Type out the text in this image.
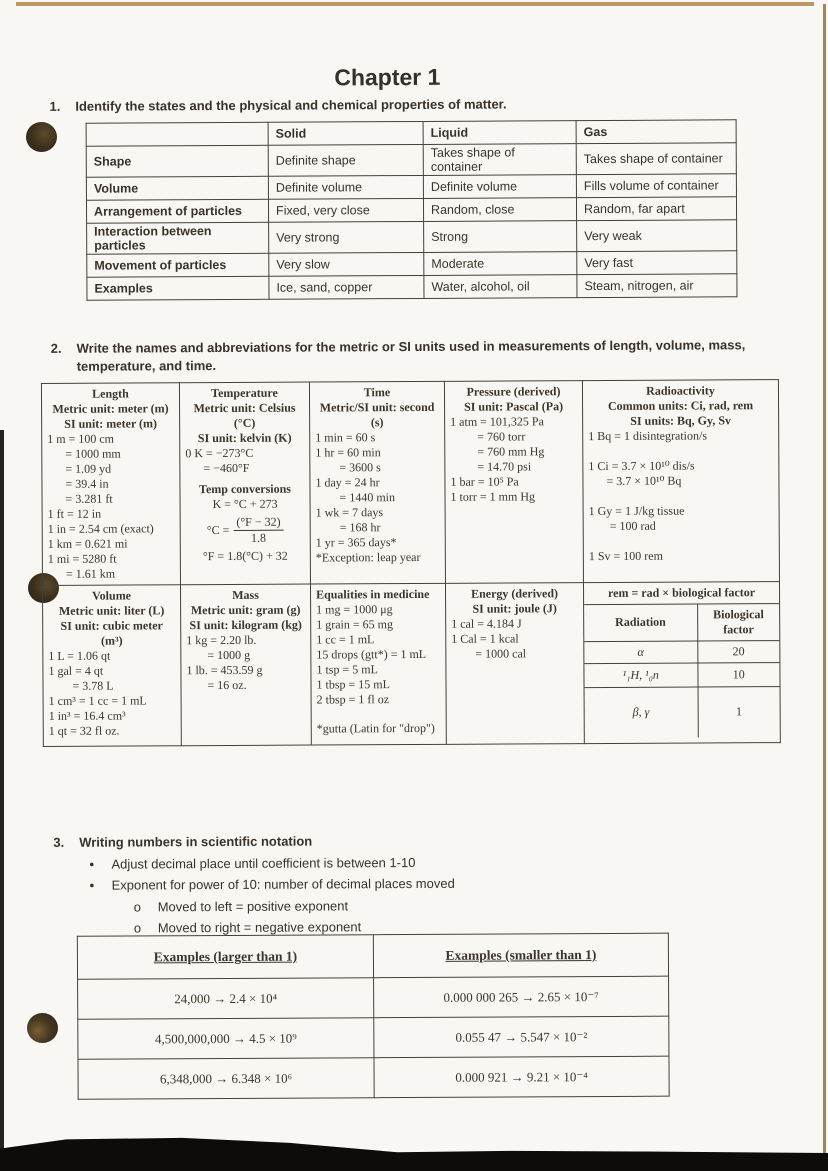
Chapter 1
1. Identify the states and the physical and chemical properties of matter.
	Solid	Liquid	Gas
Shape	Definite shape	Takes shape of container	Takes shape of container
Volume	Definite volume	Definite volume	Fills volume of container
Arrangement of particles	Fixed, very close	Random, close	Random, far apart
Interaction between particles	Very strong	Strong	Very weak
Movement of particles	Very slow	Moderate	Very fast
Examples	Ice, sand, copper	Water, alcohol, oil	Steam, nitrogen, air
2. Write the names and abbreviations for the metric or SI units used in measurements of length, volume, mass, temperature, and time.
Length
Metric unit: meter (m)
SI unit: meter (m)
1 m = 100 cm
= 1000 mm
= 1.09 yd
= 39.4 in
= 3.281 ft
1 ft = 12 in
1 in = 2.54 cm (exact)
1 km = 0.621 mi
1 mi = 5280 ft
= 1.61 km

Temperature
Metric unit: Celsius
(°C)
SI unit: kelvin (K)
0 K = −273°C
= −460°F
Temp conversions
K = °C + 273
$^\circ C = \frac{(^\circ F - 32)}{1.8}$
°F = 1.8(°C) + 32

Time
Metric/SI unit: second
(s)
1 min = 60 s
1 hr = 60 min
= 3600 s
1 day = 24 hr
= 1440 min
1 wk = 7 days
= 168 hr
1 yr = 365 days*
*Exception: leap year

Pressure (derived)
SI unit: Pascal (Pa)
1 atm = 101,325 Pa
= 760 torr
= 760 mm Hg
= 14.70 psi
1 bar = 10⁵ Pa
1 torr = 1 mm Hg

Radioactivity
Common units: Ci, rad, rem
SI units: Bq, Gy, Sv
1 Bq = 1 disintegration/s

1 Ci = 3.7 × 10¹⁰ dis/s
= 3.7 × 10¹⁰ Bq

1 Gy = 1 J/kg tissue
= 100 rad

1 Sv = 100 rem

Volume
Metric unit: liter (L)
SI unit: cubic meter
(m³)
1 L = 1.06 qt
1 gal = 4 qt
= 3.78 L
1 cm³ = 1 cc = 1 mL
1 in³ = 16.4 cm³
1 qt = 32 fl oz.

Mass
Metric unit: gram (g)
SI unit: kilogram (kg)
1 kg = 2.20 lb.
= 1000 g
1 lb. = 453.59 g
= 16 oz.

Equalities in medicine
1 mg = 1000 μg
1 grain = 65 mg
1 cc = 1 mL
15 drops (gtt*) = 1 mL
1 tsp = 5 mL
1 tbsp = 15 mL
2 tbsp = 1 fl oz
*gutta (Latin for "drop")

Energy (derived)
SI unit: joule (J)
1 cal = 4.184 J
1 Cal = 1 kcal
= 1000 cal

rem = rad × biological factor
Radiation	Biological factor
α	20
¹₁H, ¹₀n	10
β, γ	1
3. Writing numbers in scientific notation
• Adjust decimal place until coefficient is between 1-10
• Exponent for power of 10: number of decimal places moved
o Moved to left = positive exponent
o Moved to right = negative exponent
Examples (larger than 1)	Examples (smaller than 1)
24,000 → 2.4 × 10⁴	0.000 000 265 → 2.65 × 10⁻⁷
4,500,000,000 → 4.5 × 10⁹	0.055 47 → 5.547 × 10⁻²
6,348,000 → 6.348 × 10⁶	0.000 921 → 9.21 × 10⁻⁴
